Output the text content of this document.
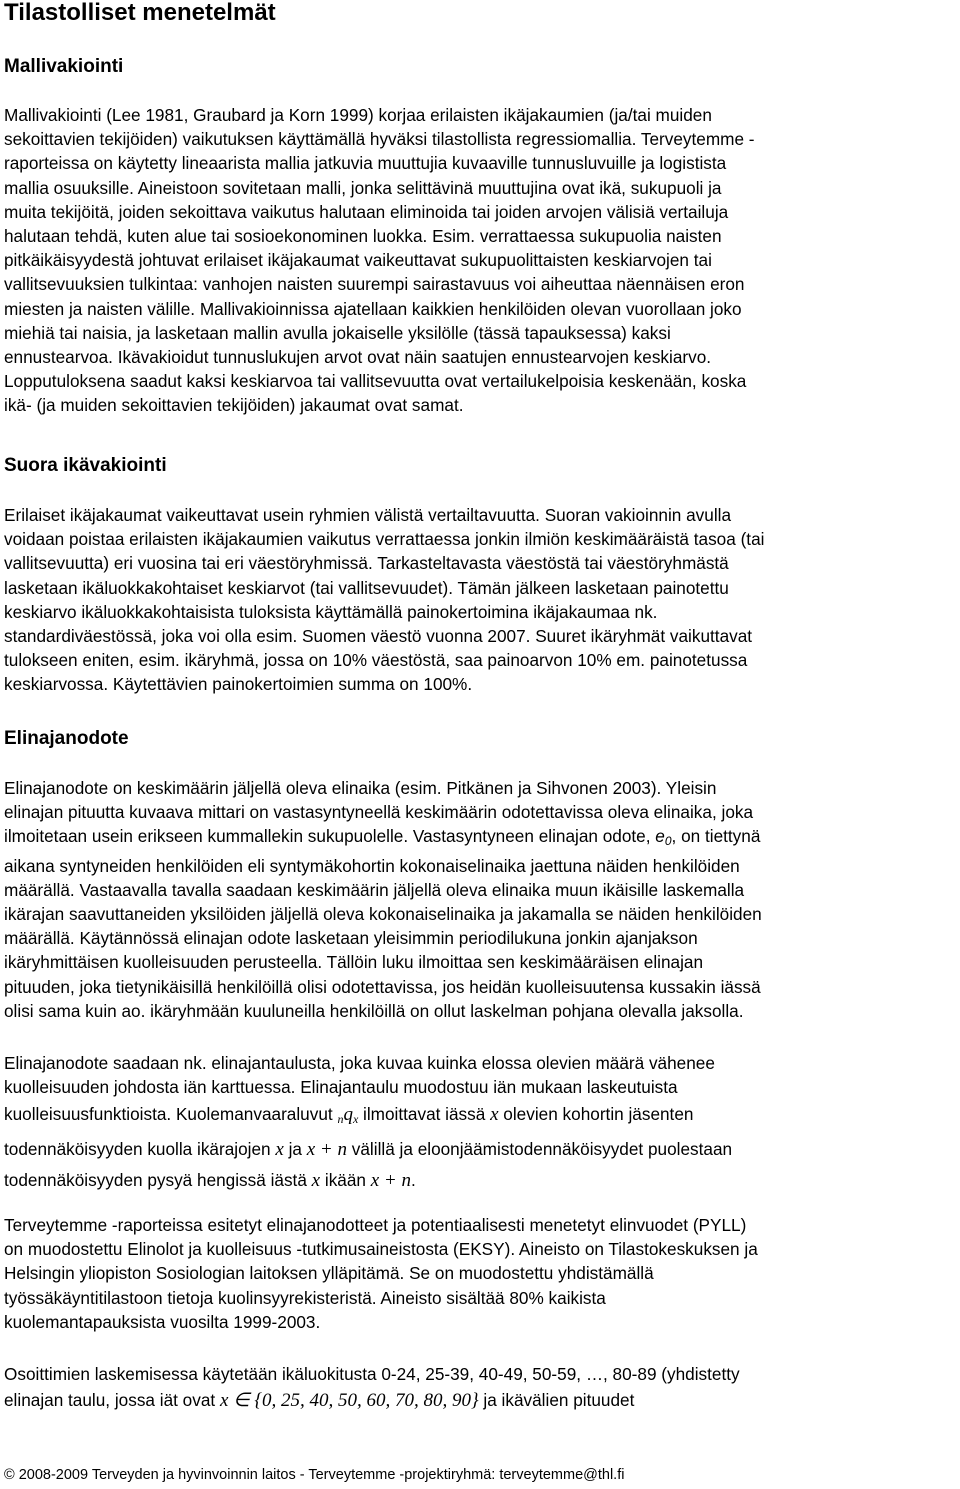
Tilastolliset menetelmät
Mallivakiointi

Mallivakiointi (Lee 1981, Graubard ja Korn 1999) korjaa erilaisten ikäjakaumien (ja/tai muiden
sekoittavien tekijöiden) vaikutuksen käyttämällä hyväksi tilastollista regressiomallia. Terveytemme -
raporteissa on käytetty lineaarista mallia jatkuvia muuttujia kuvaaville tunnusluvuille ja logistista
mallia osuuksille. Aineistoon sovitetaan malli, jonka selittävinä muuttujina ovat ikä, sukupuoli ja
muita tekijöitä, joiden sekoittava vaikutus halutaan eliminoida tai joiden arvojen välisiä vertailuja
halutaan tehdä, kuten alue tai sosioekonominen luokka. Esim. verrattaessa sukupuolia naisten
pitkäikäisyydestä johtuvat erilaiset ikäjakaumat vaikeuttavat sukupuolittaisten keskiarvojen tai
vallitsevuuksien tulkintaa: vanhojen naisten suurempi sairastavuus voi aiheuttaa näennäisen eron
miesten ja naisten välille. Mallivakioinnissa ajatellaan kaikkien henkilöiden olevan vuorollaan joko
miehiä tai naisia, ja lasketaan mallin avulla jokaiselle yksilölle (tässä tapauksessa) kaksi
ennustearvoa. Ikävakioidut tunnuslukujen arvot ovat näin saatujen ennustearvojen keskiarvo.
Lopputuloksena saadut kaksi keskiarvoa tai vallitsevuutta ovat vertailukelpoisia keskenään, koska
ikä- (ja muiden sekoittavien tekijöiden) jakaumat ovat samat.

Suora ikävakiointi

Erilaiset ikäjakaumat vaikeuttavat usein ryhmien välistä vertailtavuutta. Suoran vakioinnin avulla
voidaan poistaa erilaisten ikäjakaumien vaikutus verrattaessa jonkin ilmiön keskimääräistä tasoa (tai
vallitsevuutta) eri vuosina tai eri väestöryhmissä. Tarkasteltavasta väestöstä tai väestöryhmästä
lasketaan ikäluokkakohtaiset keskiarvot (tai vallitsevuudet). Tämän jälkeen lasketaan painotettu
keskiarvo ikäluokkakohtaisista tuloksista käyttämällä painokertoimina ikäjakaumaa nk.
standardiväestössä, joka voi olla esim. Suomen väestö vuonna 2007. Suuret ikäryhmät vaikuttavat
tulokseen eniten, esim. ikäryhmä, jossa on 10% väestöstä, saa painoarvon 10% em. painotetussa
keskiarvossa. Käytettävien painokertoimien summa on 100%.

Elinajanodote

Elinajanodote on keskimäärin jäljellä oleva elinaika (esim. Pitkänen ja Sihvonen 2003). Yleisin
elinajan pituutta kuvaava mittari on vastasyntyneellä keskimäärin odotettavissa oleva elinaika, joka
ilmoitetaan usein erikseen kummallekin sukupuolelle. Vastasyntyneen elinajan odote, $e_0$, on tiettynä
aikana syntyneiden henkilöiden eli syntymäkohortin kokonaiselinaika jaettuna näiden henkilöiden
määrällä. Vastaavalla tavalla saadaan keskimäärin jäljellä oleva elinaika muun ikäisille laskemalla
ikärajan saavuttaneiden yksilöiden jäljellä oleva kokonaiselinaika ja jakamalla se näiden henkilöiden
määrällä. Käytännössä elinajan odote lasketaan yleisimmin periodilukuna jonkin ajanjakson
ikäryhmittäisen kuolleisuuden perusteella. Tällöin luku ilmoittaa sen keskimääräisen elinajan
pituuden, joka tietynikäisillä henkilöillä olisi odotettavissa, jos heidän kuolleisuutensa kussakin iässä
olisi sama kuin ao. ikäryhmään kuuluneilla henkilöillä on ollut laskelman pohjana olevalla jaksolla.

Elinajanodote saadaan nk. elinajantaulusta, joka kuvaa kuinka elossa olevien määrä vähenee
kuolleisuuden johdosta iän karttuessa. Elinajantaulu muodostuu iän mukaan laskeutuista
kuolleisuusfunktioista. Kuolemanvaaraluvut $_nq_x$ ilmoittavat iässä x olevien kohortin jäsenten
todennäköisyyden kuolla ikärajojen x ja x + n välillä ja eloonjäämistodennäköisyydet puolestaan
todennäköisyyden pysyä hengissä iästä x ikään x + n.

Terveytemme -raporteissa esitetyt elinajanodotteet ja potentiaalisesti menetetyt elinvuodet (PYLL)
on muodostettu Elinolot ja kuolleisuus -tutkimusaineistosta (EKSY). Aineisto on Tilastokeskuksen ja
Helsingin yliopiston Sosiologian laitoksen ylläpitämä. Se on muodostettu yhdistämällä
työssäkäyntitilastoon tietoja kuolinsyyrekisteristä. Aineisto sisältää 80% kaikista
kuolemantapauksista vuosilta 1999-2003.

Osoittimien laskemisessa käytetään ikäluokitusta 0-24, 25-39, 40-49, 50-59, …, 80-89 (yhdistetty
elinajan taulu, jossa iät ovat x ∈ {0, 25, 40, 50, 60, 70, 80, 90} ja ikävälien pituudet

© 2008-2009 Terveyden ja hyvinvoinnin laitos - Terveytemme -projektiryhmä: terveytemme@thl.fi
